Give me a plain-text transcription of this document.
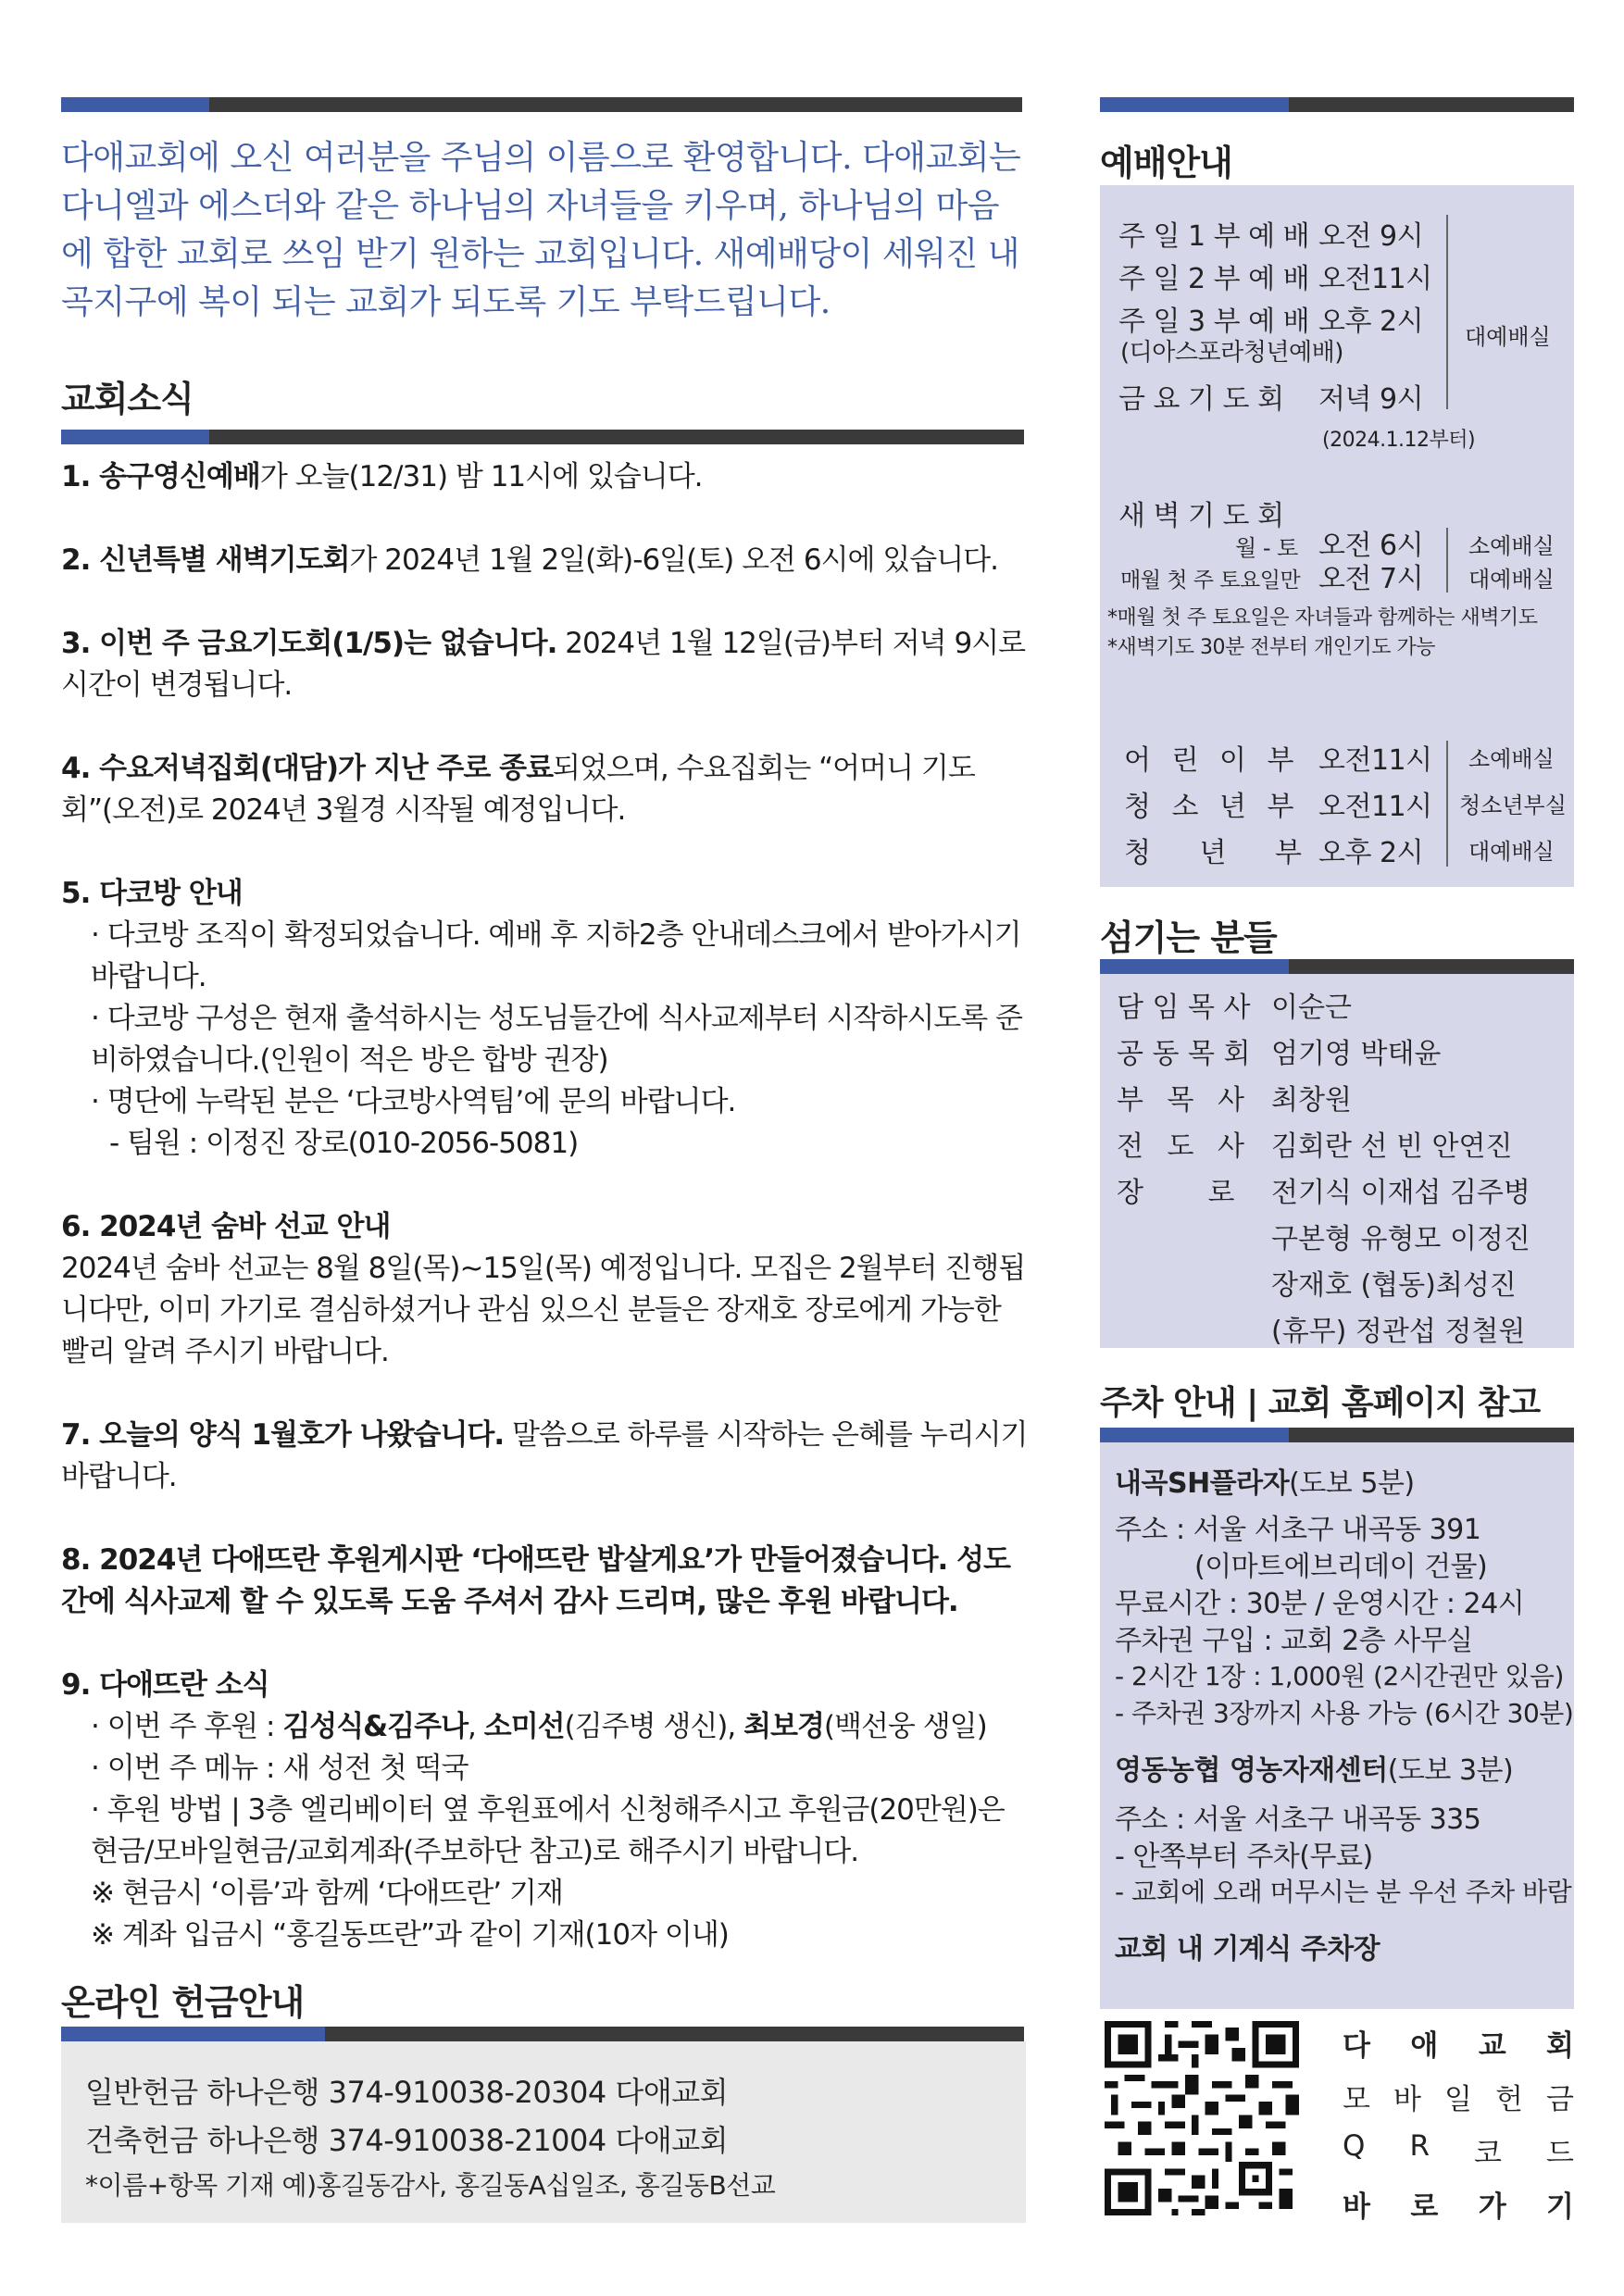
다애교회에 오신 여러분을 주님의 이름으로 환영합니다. 다애교회는 다니엘과 에스더와 같은 하나님의 자녀들을 키우며, 하나님의 마음에 합한 교회로 쓰임 받기 원하는 교회입니다. 새예배당이 세워진 내곡지구에 복이 되는 교회가 되도록 기도 부탁드립니다.
교회소식
1. 송구영신예배가 오늘(12/31) 밤 11시에 있습니다.
2. 신년특별 새벽기도회가 2024년 1월 2일(화)-6일(토) 오전 6시에 있습니다.
3. 이번 주 금요기도회(1/5)는 없습니다. 2024년 1월 12일(금)부터 저녁 9시로 시간이 변경됩니다.
4. 수요저녁집회(대담)가 지난 주로 종료되었으며, 수요집회는 “어머니 기도회”(오전)로 2024년 3월경 시작될 예정입니다.
5. 다코방 안내
· 다코방 조직이 확정되었습니다. 예배 후 지하2층 안내데스크에서 받아가시기 바랍니다.
· 다코방 구성은 현재 출석하시는 성도님들간에 식사교제부터 시작하시도록 준비하였습니다.(인원이 적은 방은 합방 권장)
· 명단에 누락된 분은 ‘다코방사역팀’에 문의 바랍니다.
- 팀원 : 이정진 장로(010-2056-5081)
6. 2024년 숨바 선교 안내
2024년 숨바 선교는 8월 8일(목)~15일(목) 예정입니다. 모집은 2월부터 진행됩니다만, 이미 가기로 결심하셨거나 관심 있으신 분들은 장재호 장로에게 가능한 빨리 알려 주시기 바랍니다.
7. 오늘의 양식 1월호가 나왔습니다. 말씀으로 하루를 시작하는 은혜를 누리시기 바랍니다.
8. 2024년 다애뜨란 후원게시판 ‘다애뜨란 밥살게요’가 만들어졌습니다. 성도간에 식사교제 할 수 있도록 도움 주셔서 감사 드리며, 많은 후원 바랍니다.
9. 다애뜨란 소식
· 이번 주 후원 : 김성식&김주나, 소미선(김주병 생신), 최보경(백선웅 생일)
· 이번 주 메뉴 : 새 성전 첫 떡국
· 후원 방법 | 3층 엘리베이터 옆 후원표에서 신청해주시고 후원금(20만원)은 현금/모바일현금/교회계좌(주보하단 참고)로 해주시기 바랍니다.
※ 현금시 ‘이름’과 함께 ‘다애뜨란’ 기재
※ 계좌 입금시 “홍길동뜨란”과 같이 기재(10자 이내)
온라인 헌금안내
일반헌금 하나은행 374-910038-20304 다애교회
건축헌금 하나은행 374-910038-21004 다애교회
*이름+항목 기재 예)홍길동감사, 홍길동A십일조, 홍길동B선교
예배안내
주 일 1 부 예 배 오전 9시
주 일 2 부 예 배 오전11시
주 일 3 부 예 배 오후 2시
(디아스포라청년예배)
금 요 기 도 회 저녁 9시
대예배실
(2024.1.12부터)
새 벽 기 도 회
월 - 토 오전 6시 소예배실
매월 첫 주 토요일만 오전 7시 대예배실
*매월 첫 주 토요일은 자녀들과 함께하는 새벽기도
*새벽기도 30분 전부터 개인기도 가능
어 린 이 부 오전11시 소예배실
청 소 년 부 오전11시 청소년부실
청 년 부 오후 2시 대예배실
섬기는 분들
담 임 목 사 이순근
공 동 목 회 엄기영 박태윤
부 목 사 최창원
전 도 사 김회란 선 빈 안연진
장 로 전기식 이재섭 김주병
구본형 유형모 이정진
장재호 (협동)최성진
(휴무) 정관섭 정철원
주차 안내 | 교회 홈페이지 참고
내곡SH플라자(도보 5분)
주소 : 서울 서초구 내곡동 391
(이마트에브리데이 건물)
무료시간 : 30분 / 운영시간 : 24시
주차권 구입 : 교회 2층 사무실
- 2시간 1장 : 1,000원 (2시간권만 있음)
- 주차권 3장까지 사용 가능 (6시간 30분)
영동농협 영농자재센터(도보 3분)
주소 : 서울 서초구 내곡동 335
- 안쪽부터 주차(무료)
- 교회에 오래 머무시는 분 우선 주차 바람
교회 내 기계식 주차장
다 애 교 회
모 바 일 헌 금
Q R 코 드
바 로 가 기
